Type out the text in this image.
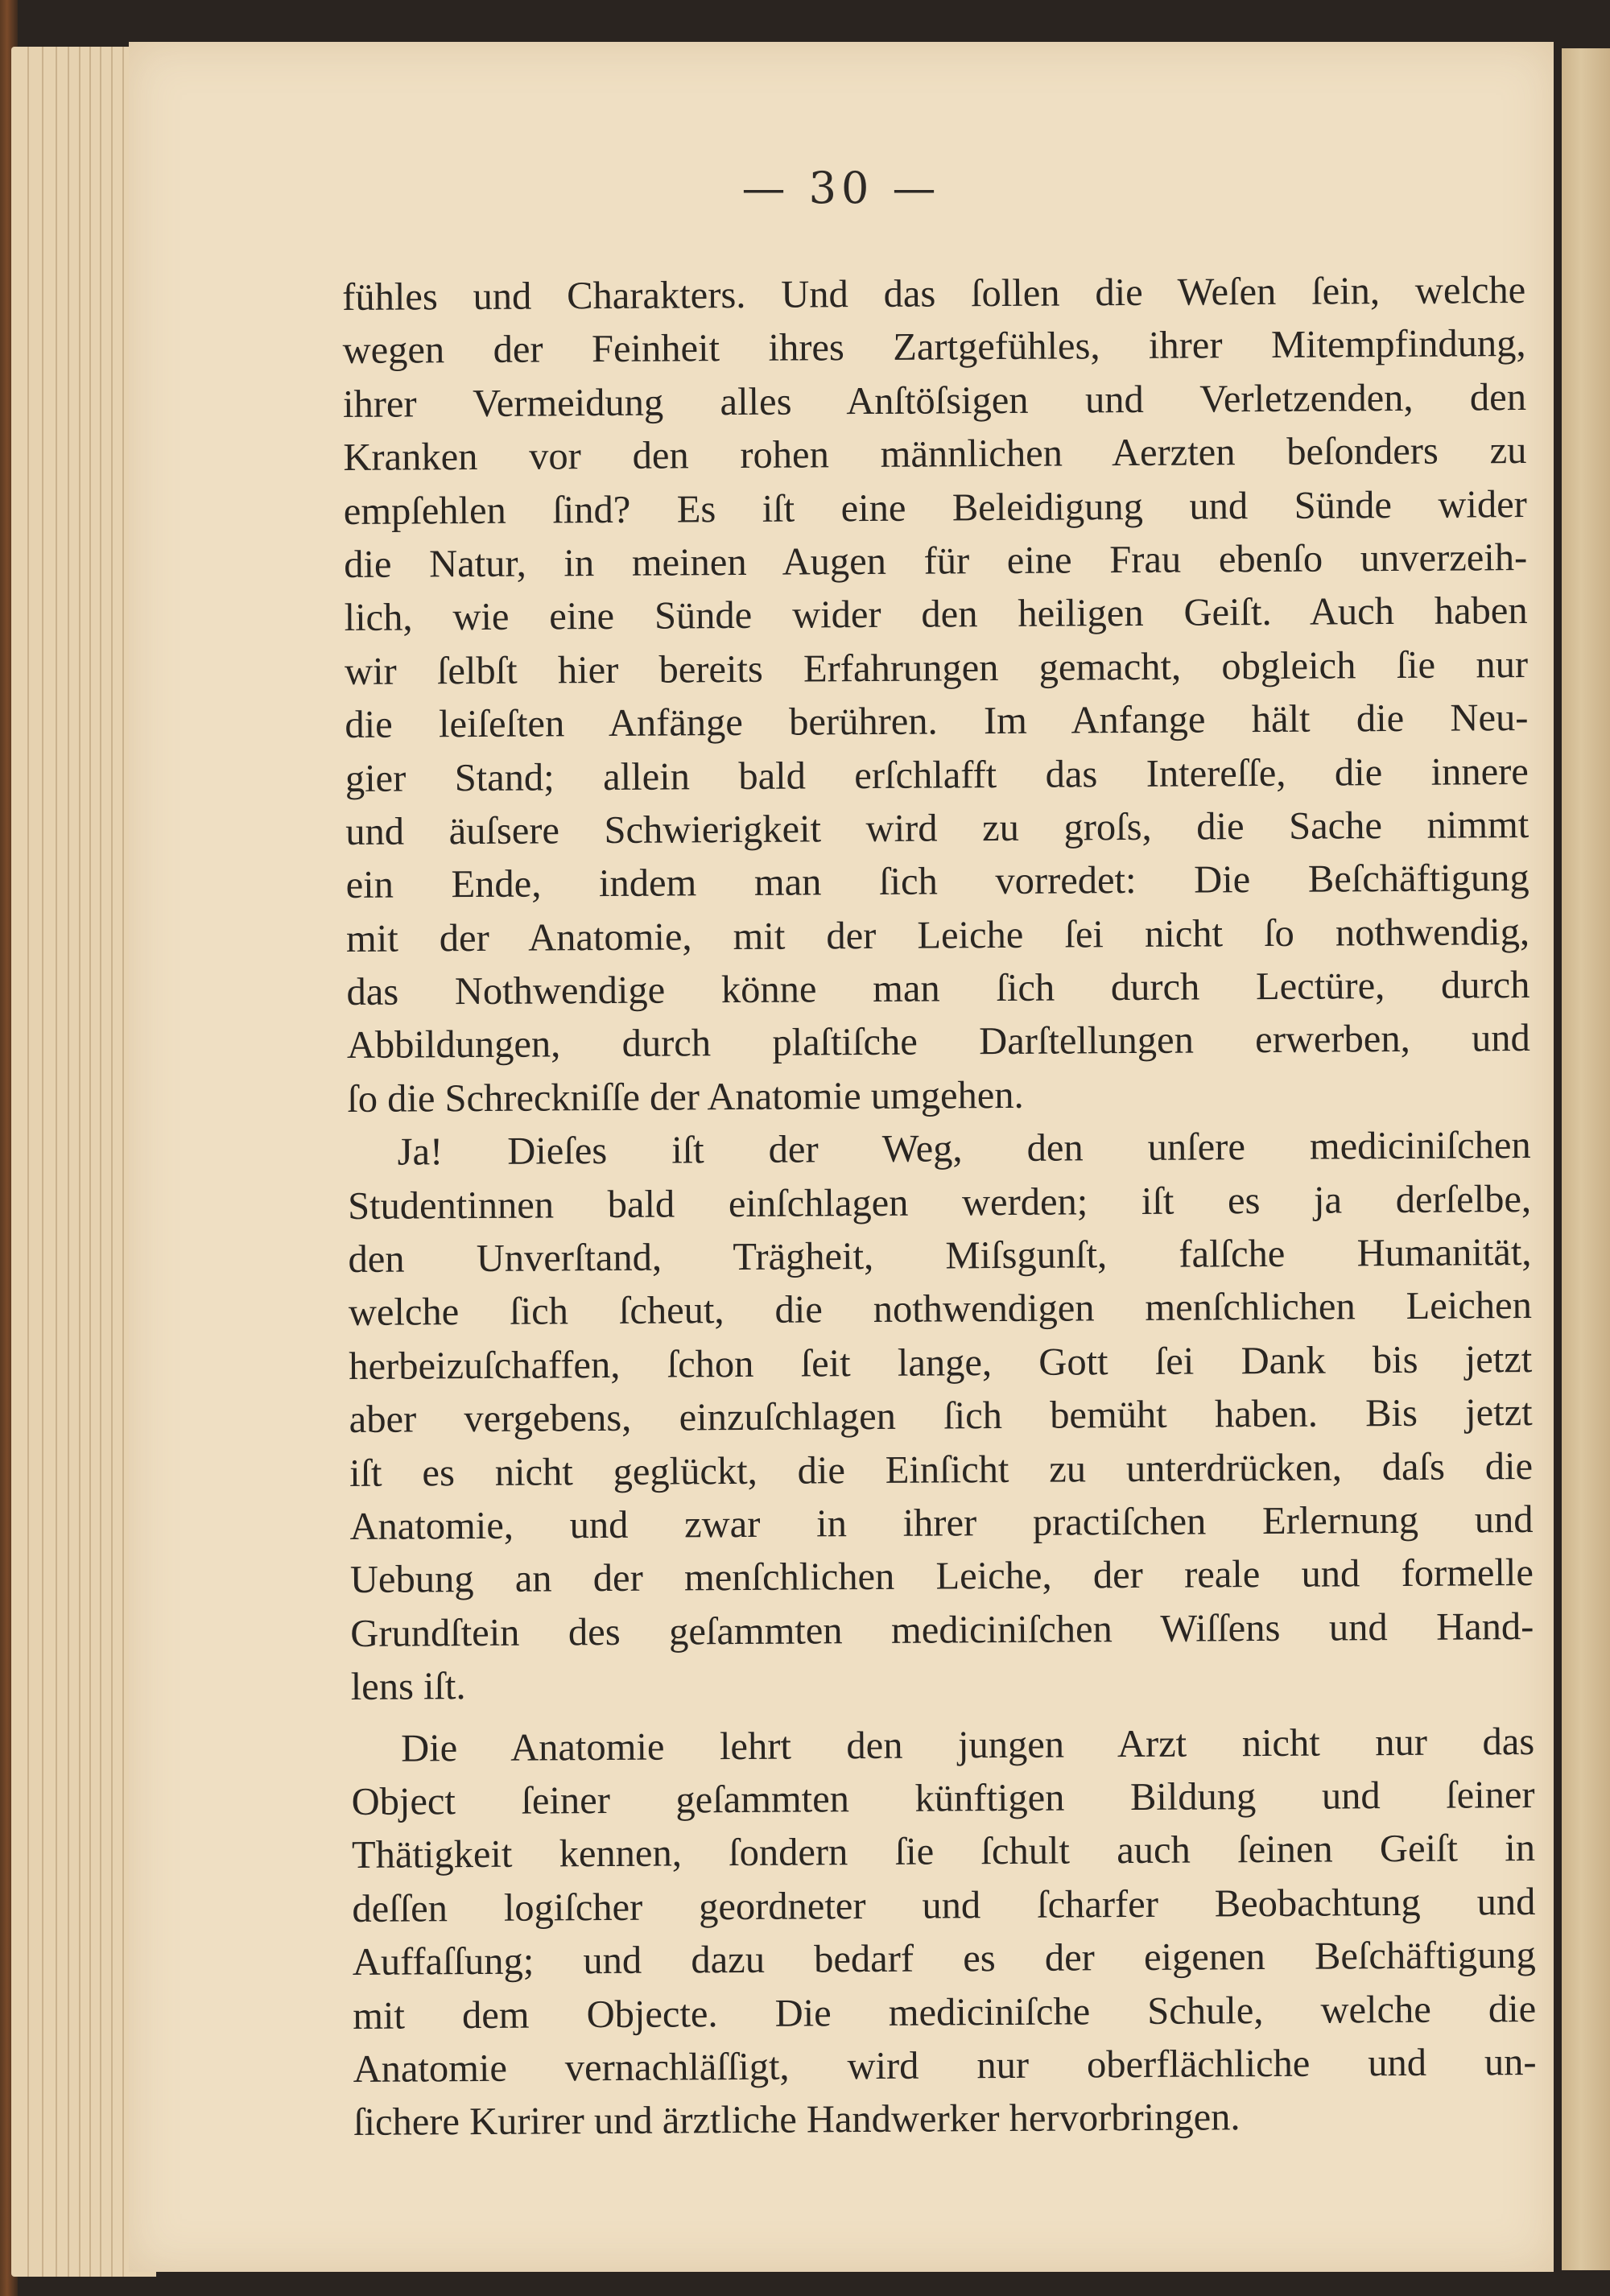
— 30 —
fühles und Charakters. Und das ſollen die Weſen ſein, welche
wegen der Feinheit ihres Zartgefühles, ihrer Mitempfindung,
ihrer Vermeidung alles Anſtöſsigen und Verletzenden, den
Kranken vor den rohen männlichen Aerzten beſonders zu
empſehlen ſind? Es iſt eine Beleidigung und Sünde wider
die Natur, in meinen Augen für eine Frau ebenſo unverzeih-
lich, wie eine Sünde wider den heiligen Geiſt. Auch haben
wir ſelbſt hier bereits Erfahrungen gemacht, obgleich ſie nur
die leiſeſten Anfänge berühren. Im Anfange hält die Neu-
gier Stand; allein bald erſchlafft das Intereſſe, die innere
und äuſsere Schwierigkeit wird zu groſs, die Sache nimmt
ein Ende, indem man ſich vorredet: Die Beſchäftigung
mit der Anatomie, mit der Leiche ſei nicht ſo nothwendig,
das Nothwendige könne man ſich durch Lectüre, durch
Abbildungen, durch plaſtiſche Darſtellungen erwerben, und
ſo die Schreckniſſe der Anatomie umgehen.
Ja! Dieſes iſt der Weg, den unſere mediciniſchen
Studentinnen bald einſchlagen werden; iſt es ja derſelbe,
den Unverſtand, Trägheit, Miſsgunſt, falſche Humanität,
welche ſich ſcheut, die nothwendigen menſchlichen Leichen
herbeizuſchaffen, ſchon ſeit lange, Gott ſei Dank bis jetzt
aber vergebens, einzuſchlagen ſich bemüht haben. Bis jetzt
iſt es nicht geglückt, die Einſicht zu unterdrücken, daſs die
Anatomie, und zwar in ihrer practiſchen Erlernung und
Uebung an der menſchlichen Leiche, der reale und formelle
Grundſtein des geſammten mediciniſchen Wiſſens und Hand-
lens iſt.
Die Anatomie lehrt den jungen Arzt nicht nur das
Object ſeiner geſammten künftigen Bildung und ſeiner
Thätigkeit kennen, ſondern ſie ſchult auch ſeinen Geiſt in
deſſen logiſcher geordneter und ſcharfer Beobachtung und
Auffaſſung; und dazu bedarf es der eigenen Beſchäftigung
mit dem Objecte. Die mediciniſche Schule, welche die
Anatomie vernachläſſigt, wird nur oberflächliche und un-
ſichere Kurirer und ärztliche Handwerker hervorbringen.
